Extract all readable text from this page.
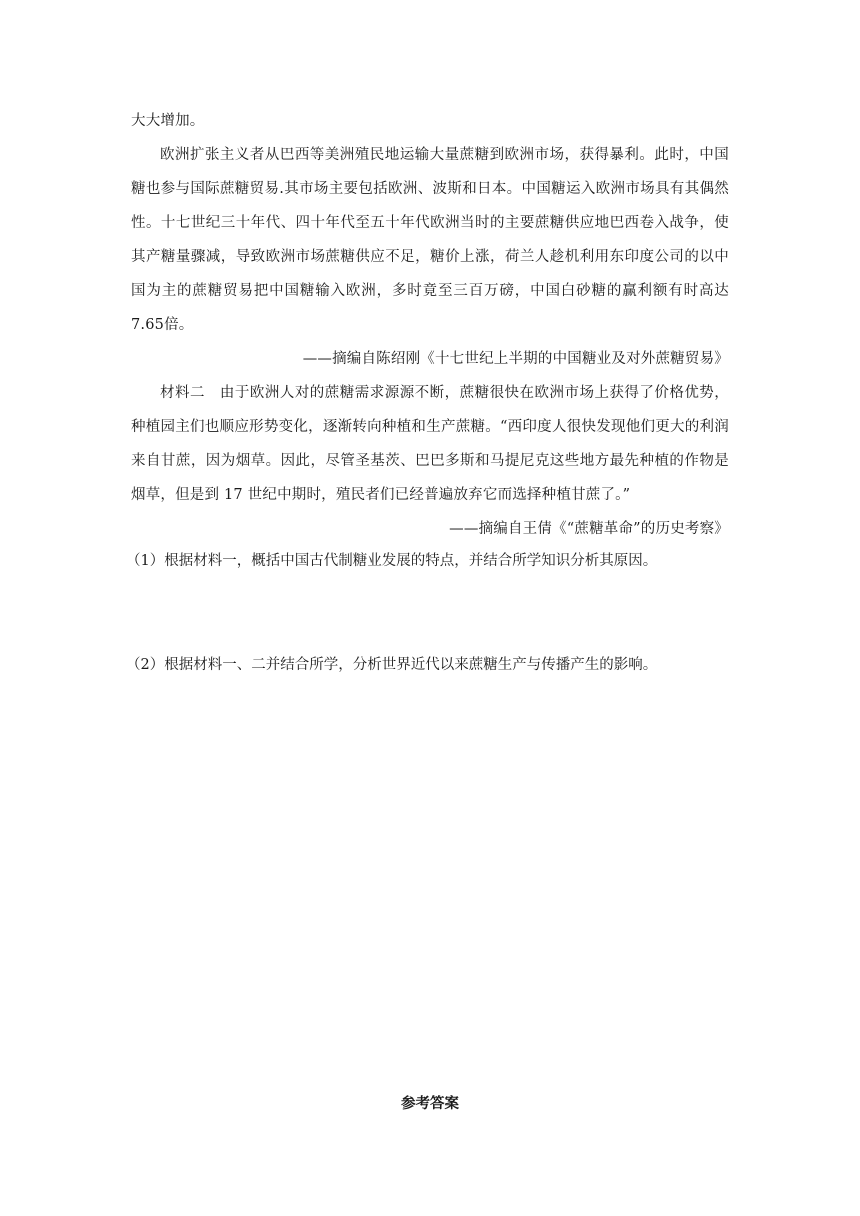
大大增加。

欧洲扩张主义者从巴西等美洲殖民地运输大量蔗糖到欧洲市场，获得暴利。此时，中国糖也参与国际蔗糖贸易.其市场主要包括欧洲、波斯和日本。中国糖运入欧洲市场具有其偶然性。十七世纪三十年代、四十年代至五十年代欧洲当时的主要蔗糖供应地巴西卷入战争，使其产糖量骤减，导致欧洲市场蔗糖供应不足，糖价上涨，荷兰人趁机利用东印度公司的以中国为主的蔗糖贸易把中国糖输入欧洲，多时竟至三百万磅，中国白砂糖的赢利额有时高达7.65倍。

——摘编自陈绍刚《十七世纪上半期的中国糖业及对外蔗糖贸易》

材料二　由于欧洲人对的蔗糖需求源源不断，蔗糖很快在欧洲市场上获得了价格优势，种植园主们也顺应形势变化，逐渐转向种植和生产蔗糖。“西印度人很快发现他们更大的利润来自甘蔗，因为烟草。因此，尽管圣基茨、巴巴多斯和马提尼克这些地方最先种植的作物是烟草，但是到 17 世纪中期时，殖民者们已经普遍放弃它而选择种植甘蔗了。”

——摘编自王倩《“蔗糖革命”的历史考察》

（1）根据材料一，概括中国古代制糖业发展的特点，并结合所学知识分析其原因。
（2）根据材料一、二并结合所学，分析世界近代以来蔗糖生产与传播产生的影响。
参考答案
